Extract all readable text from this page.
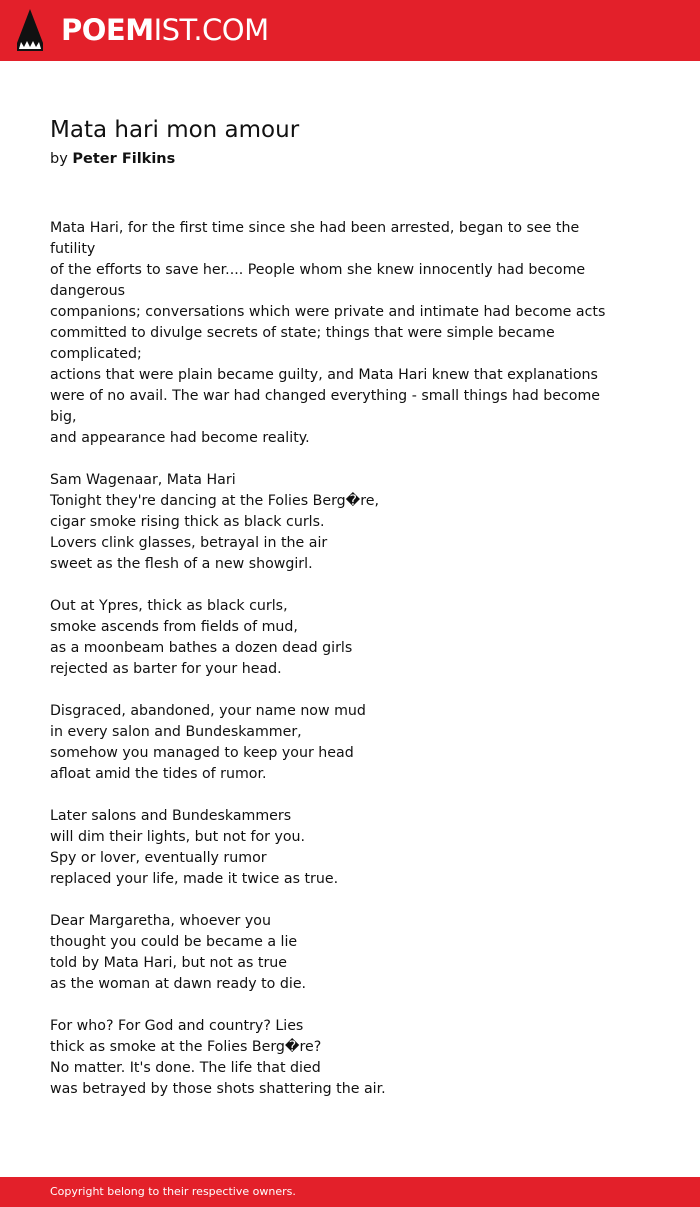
POEMIST.COM
Mata hari mon amour
by Peter Filkins
Mata Hari, for the first time since she had been arrested, began to see the
futility
of the efforts to save her.... People whom she knew innocently had become
dangerous
companions; conversations which were private and intimate had become acts
committed to divulge secrets of state; things that were simple became
complicated;
actions that were plain became guilty, and Mata Hari knew that explanations
were of no avail. The war had changed everything - small things had become
big,
and appearance had become reality.
Sam Wagenaar, Mata Hari
Tonight they're dancing at the Folies Berg�re,
cigar smoke rising thick as black curls.
Lovers clink glasses, betrayal in the air
sweet as the flesh of a new showgirl.
Out at Ypres, thick as black curls,
smoke ascends from fields of mud,
as a moonbeam bathes a dozen dead girls
rejected as barter for your head.
Disgraced, abandoned, your name now mud
in every salon and Bundeskammer,
somehow you managed to keep your head
afloat amid the tides of rumor.
Later salons and Bundeskammers
will dim their lights, but not for you.
Spy or lover, eventually rumor
replaced your life, made it twice as true.
Dear Margaretha, whoever you
thought you could be became a lie
told by Mata Hari, but not as true
as the woman at dawn ready to die.
For who? For God and country? Lies
thick as smoke at the Folies Berg�re?
No matter. It's done. The life that died
was betrayed by those shots shattering the air.
Copyright belong to their respective owners.
